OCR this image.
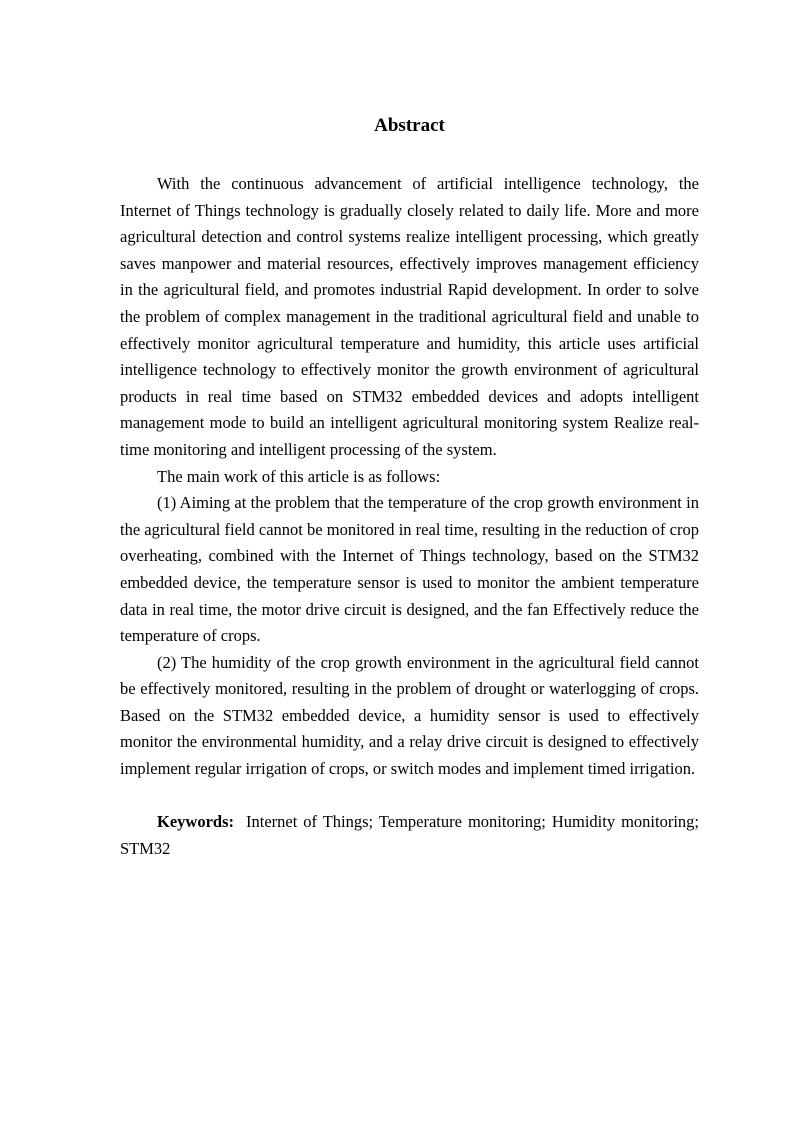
Abstract

With the continuous advancement of artificial intelligence technology, the Internet of Things technology is gradually closely related to daily life. More and more agricultural detection and control systems realize intelligent processing, which greatly saves manpower and material resources, effectively improves management efficiency in the agricultural field, and promotes industrial Rapid development. In order to solve the problem of complex management in the traditional agricultural field and unable to effectively monitor agricultural temperature and humidity, this article uses artificial intelligence technology to effectively monitor the growth environment of agricultural products in real time based on STM32 embedded devices and adopts intelligent management mode to build an intelligent agricultural monitoring system Realize real-time monitoring and intelligent processing of the system.

The main work of this article is as follows:

(1) Aiming at the problem that the temperature of the crop growth environment in the agricultural field cannot be monitored in real time, resulting in the reduction of crop overheating, combined with the Internet of Things technology, based on the STM32 embedded device, the temperature sensor is used to monitor the ambient temperature data in real time, the motor drive circuit is designed, and the fan Effectively reduce the temperature of crops.

(2) The humidity of the crop growth environment in the agricultural field cannot be effectively monitored, resulting in the problem of drought or waterlogging of crops. Based on the STM32 embedded device, a humidity sensor is used to effectively monitor the environmental humidity, and a relay drive circuit is designed to effectively implement regular irrigation of crops, or switch modes and implement timed irrigation.

Keywords: Internet of Things; Temperature monitoring; Humidity monitoring; STM32
